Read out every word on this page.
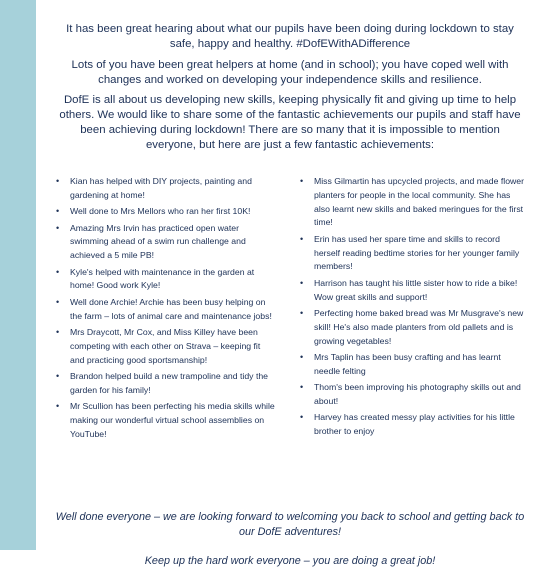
It has been great hearing about what our pupils have been doing during lockdown to stay safe, happy and healthy. #DofEWithADifference

Lots of you have been great helpers at home (and in school); you have coped well with changes and worked on developing your independence skills and resilience.

DofE is all about us developing new skills, keeping physically fit and giving up time to help others. We would like to share some of the fantastic achievements our pupils and staff have been achieving during lockdown! There are so many that it is impossible to mention everyone, but here are just a few fantastic achievements:

• Kian has helped with DIY projects, painting and gardening at home!
• Well done to Mrs Mellors who ran her first 10K!
• Amazing Mrs Irvin has practiced open water swimming ahead of a swim run challenge and achieved a 5 mile PB!
• Kyle's helped with maintenance in the garden at home! Good work Kyle!
• Well done Archie! Archie has been busy helping on the farm – lots of animal care and maintenance jobs!
• Mrs Draycott, Mr Cox, and Miss Killey have been competing with each other on Strava – keeping fit and practicing good sportsmanship!
• Brandon helped build a new trampoline and tidy the garden for his family!
• Mr Scullion has been perfecting his media skills while making our wonderful virtual school assemblies on YouTube!
• Miss Gilmartin has upcycled projects, and made flower planters for people in the local community. She has also learnt new skills and baked meringues for the first time!
• Erin has used her spare time and skills to record herself reading bedtime stories for her younger family members!
• Harrison has taught his little sister how to ride a bike! Wow great skills and support!
• Perfecting home baked bread was Mr Musgrave's new skill! He's also made planters from old pallets and is growing vegetables!
• Mrs Taplin has been busy crafting and has learnt needle felting
• Thom's been improving his photography skills out and about!
• Harvey has created messy play activities for his little brother to enjoy

Well done everyone – we are looking forward to welcoming you back to school and getting back to our DofE adventures!

Keep up the hard work everyone – you are doing a great job!
